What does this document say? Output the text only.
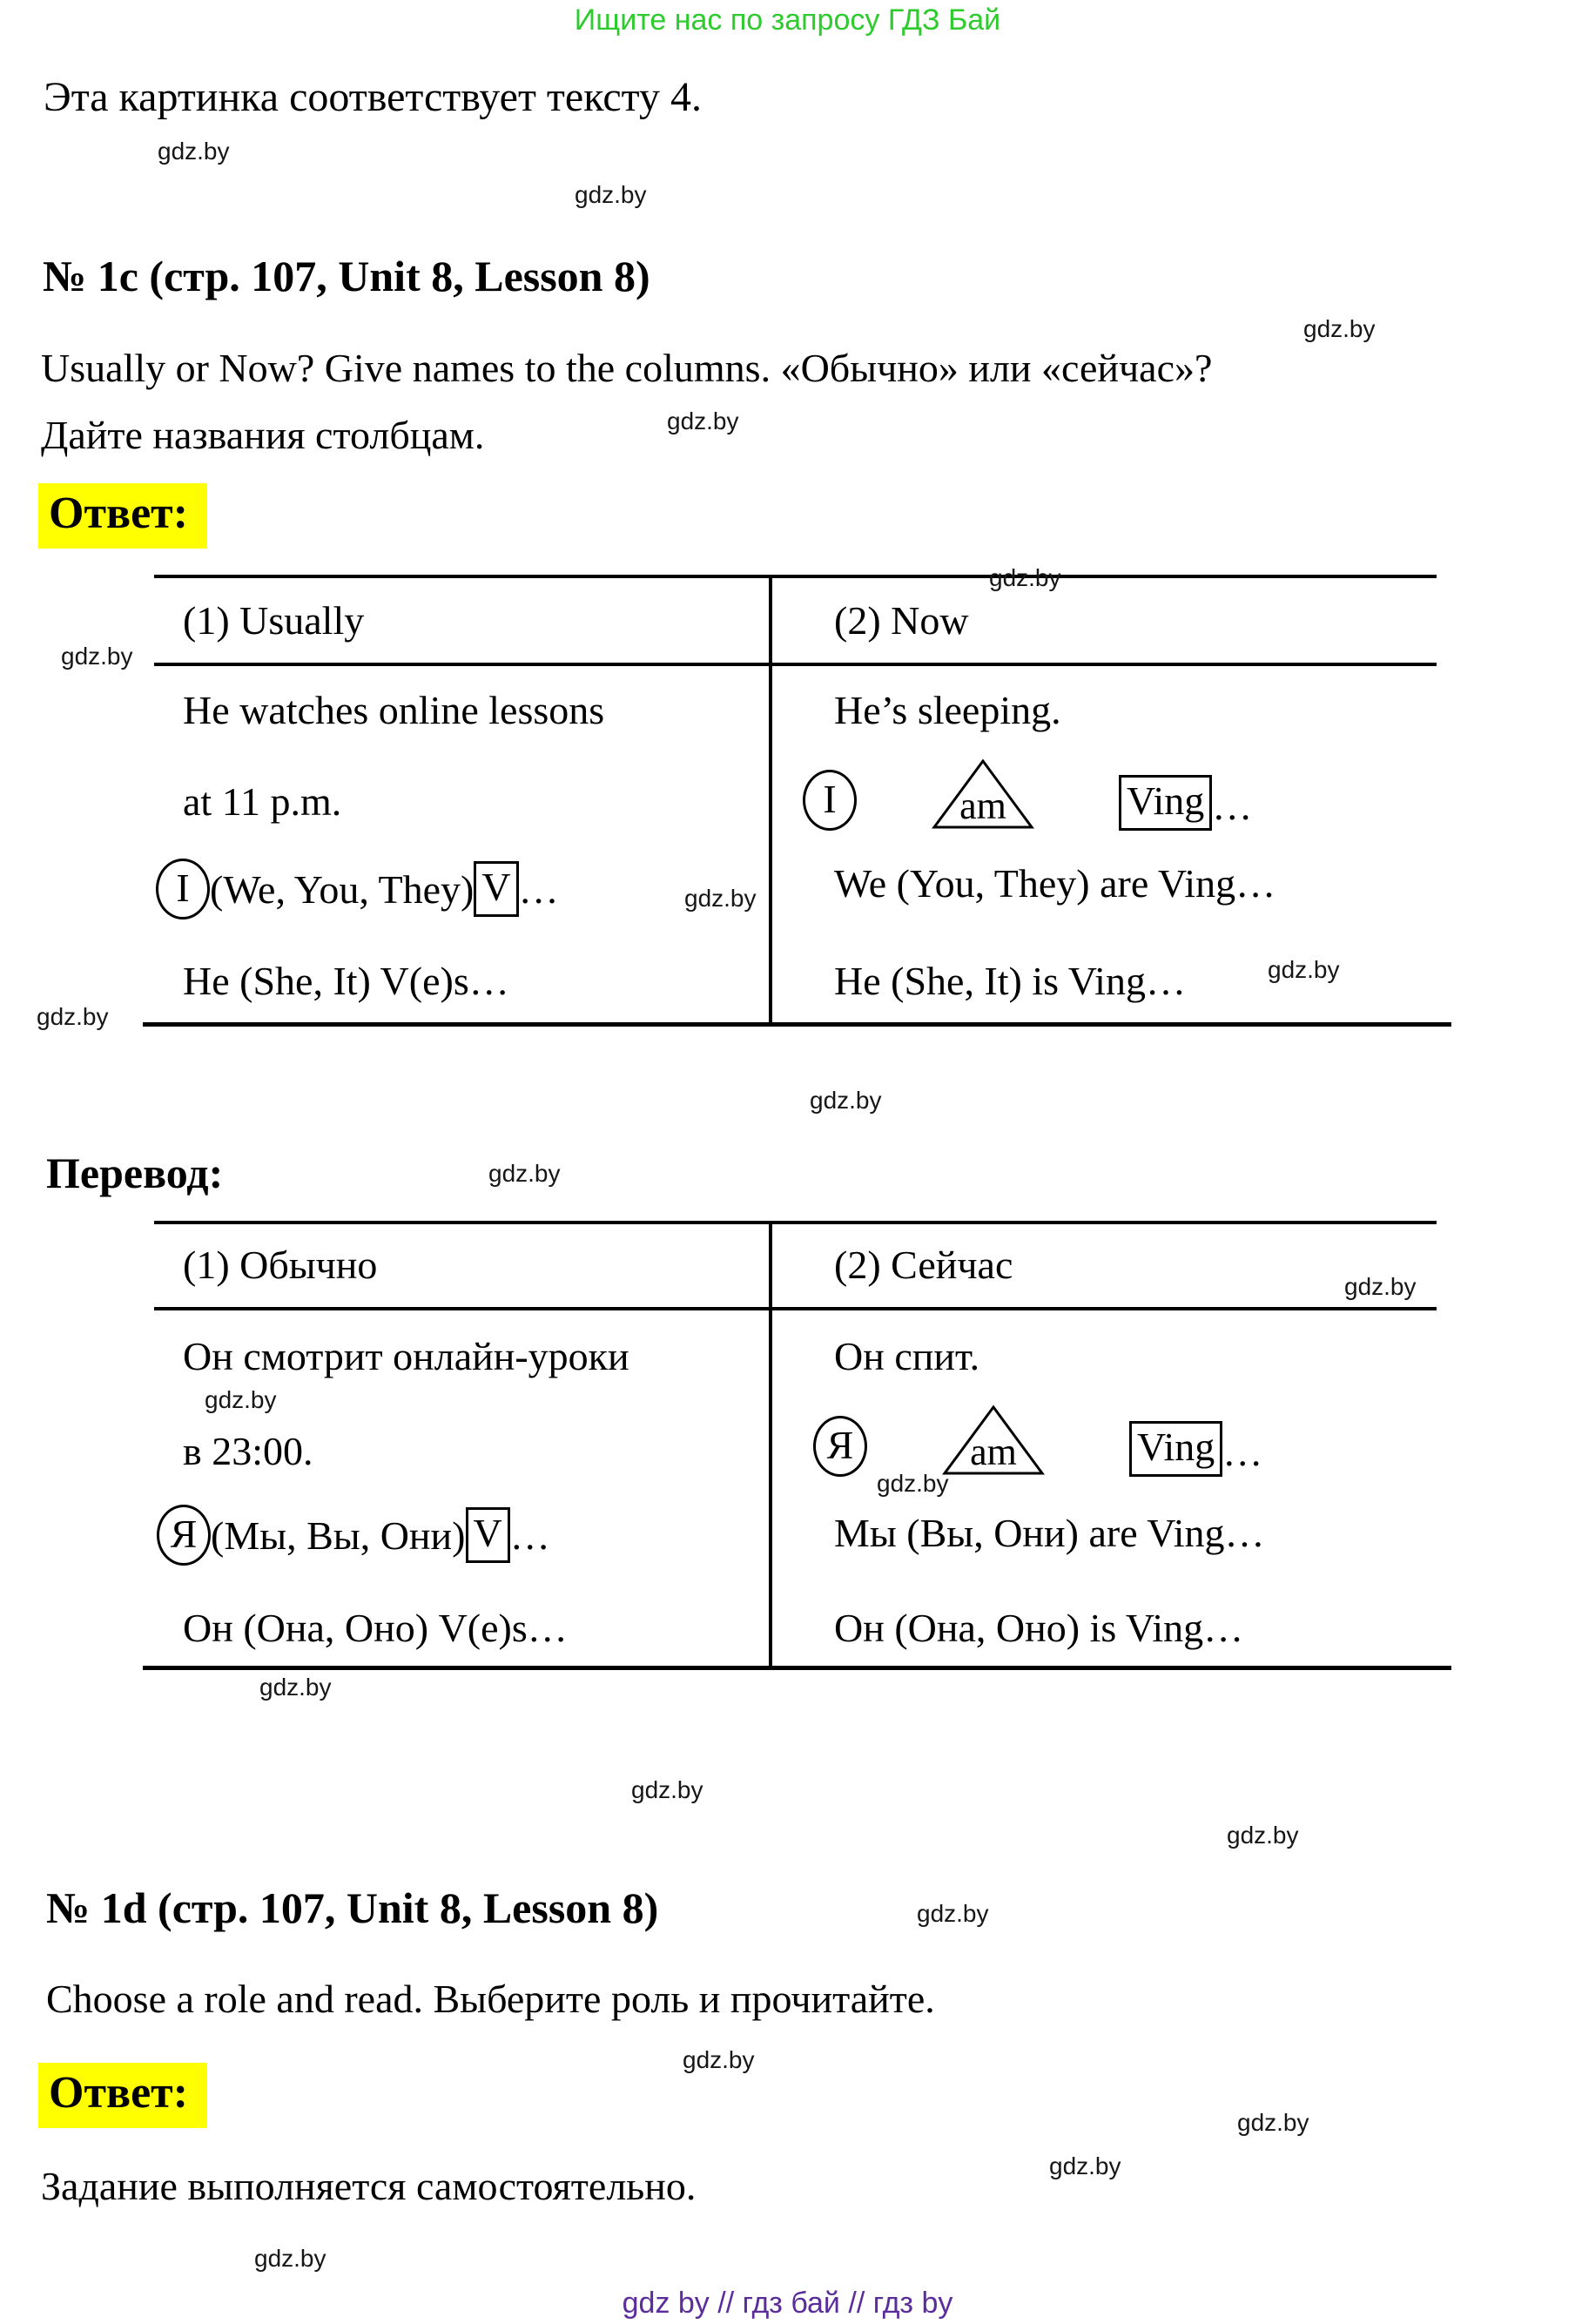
Ищите нас по запросу ГДЗ Бай
Эта картинка соответствует тексту 4.
№ 1c (стр. 107, Unit 8, Lesson 8)
Usually or Now? Give names to the columns. «Обычно» или «сейчас»?
Дайте названия столбцам.
Ответ:
(1) Usually	(2) Now
He watches online lessons	He’s sleeping.
at 11 p.m.	I	am	Ving …
I (We, You, They) V …	We (You, They) are Ving…
He (She, It) V(e)s…	He (She, It) is Ving…
Перевод:
(1) Обычно	(2) Сейчас
Он смотрит онлайн-уроки	Он спит.
в 23:00.	Я	am	Ving …
Я (Мы, Вы, Они) V …	Мы (Вы, Они) are Ving…
Он (Она, Оно) V(e)s…	Он (Она, Оно) is Ving…
№ 1d (стр. 107, Unit 8, Lesson 8)
Choose a role and read. Выберите роль и прочитайте.
Ответ:
Задание выполняется самостоятельно.
gdz by // гдз бай // гдз by
gdz.by
gdz.by
gdz.by
gdz.by
gdz.by
gdz.by
gdz.by
gdz.by
gdz.by
gdz.by
gdz.by
gdz.by
gdz.by
gdz.by
gdz.by
gdz.by
gdz.by
gdz.by
gdz.by
gdz.by
gdz.by
gdz.by
